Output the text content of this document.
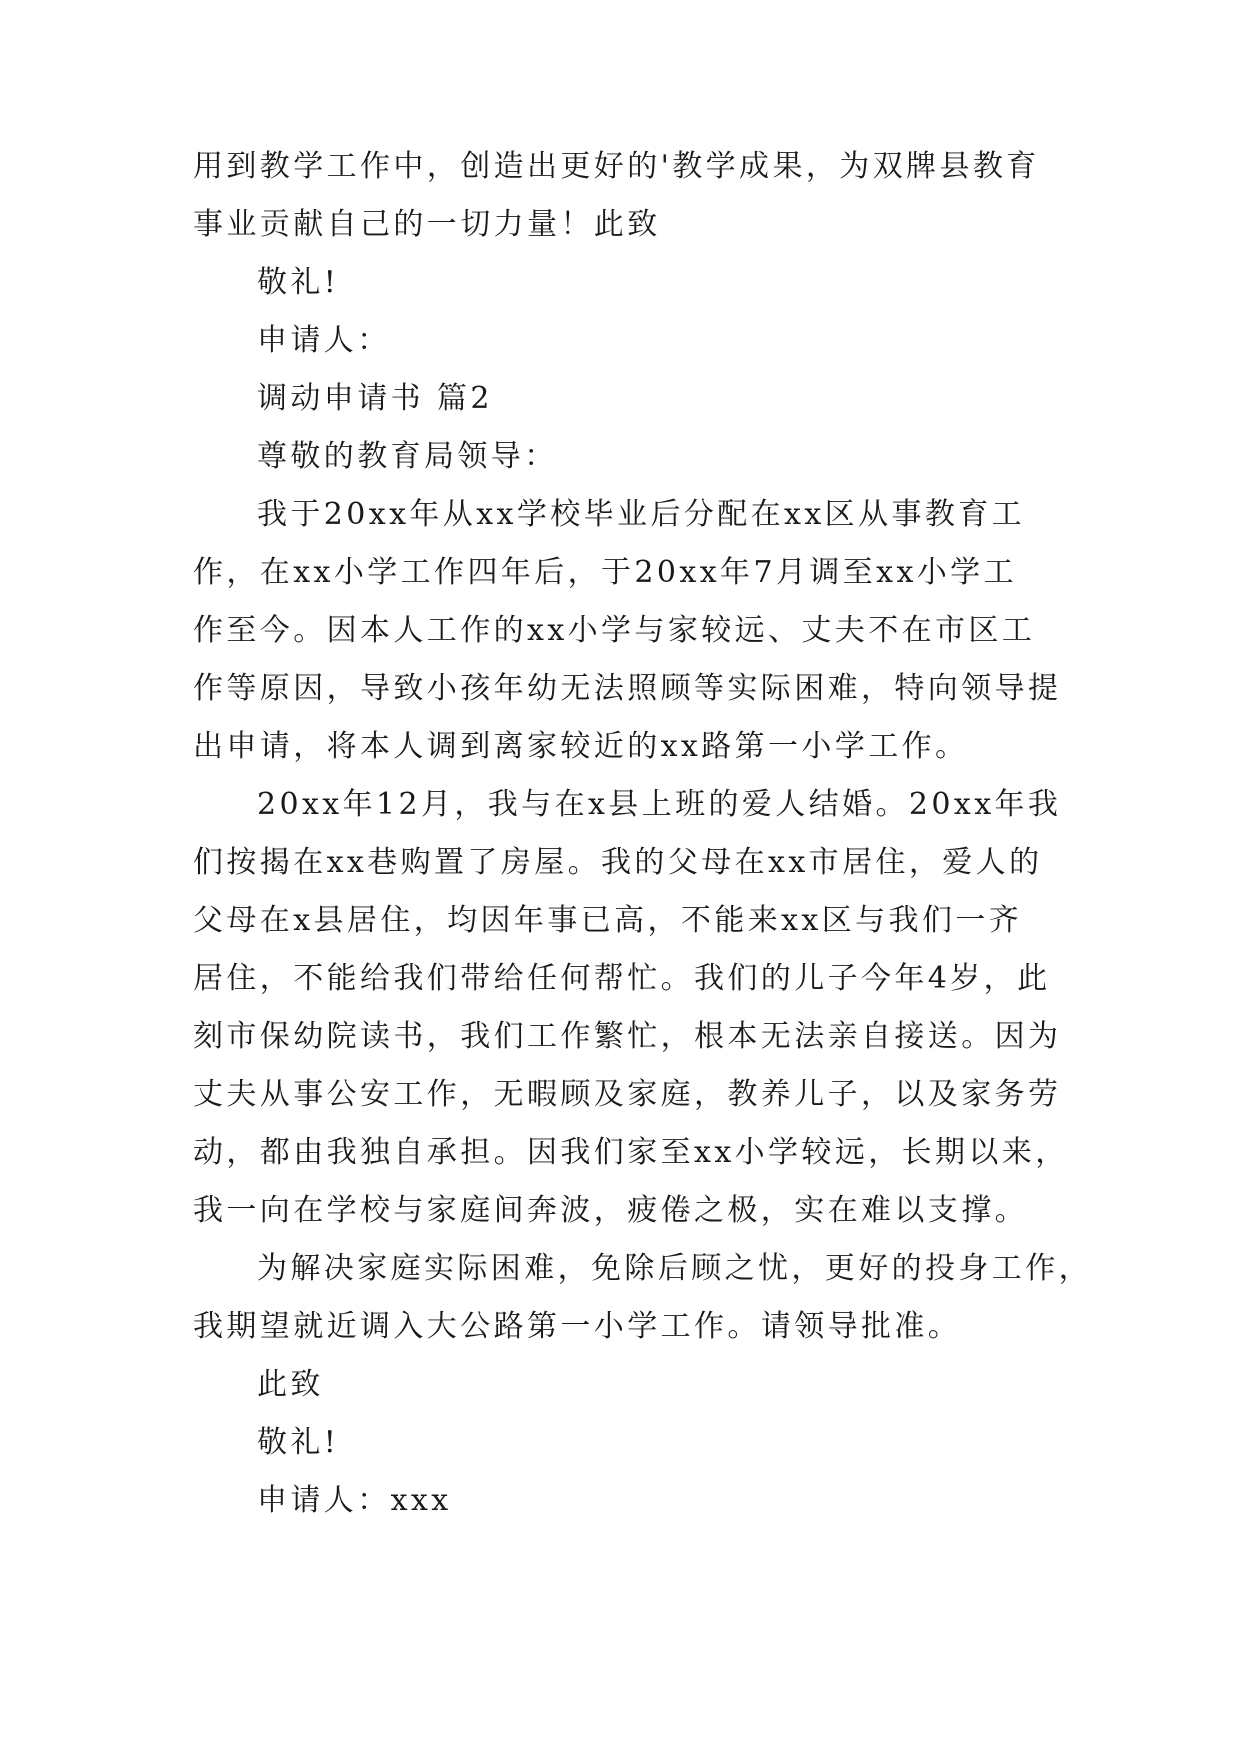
用到教学工作中，创造出更好的'教学成果，为双牌县教育
事业贡献自己的一切力量！此致
敬礼!
申请人：
调动申请书 篇2
尊敬的教育局领导：
我于20xx年从xx学校毕业后分配在xx区从事教育工
作，在xx小学工作四年后，于20xx年7月调至xx小学工
作至今。因本人工作的xx小学与家较远、丈夫不在市区工
作等原因，导致小孩年幼无法照顾等实际困难，特向领导提
出申请，将本人调到离家较近的xx路第一小学工作。
20xx年12月，我与在x县上班的爱人结婚。20xx年我
们按揭在xx巷购置了房屋。我的父母在xx市居住，爱人的
父母在x县居住，均因年事已高，不能来xx区与我们一齐
居住，不能给我们带给任何帮忙。我们的儿子今年4岁，此
刻市保幼院读书，我们工作繁忙，根本无法亲自接送。因为
丈夫从事公安工作，无暇顾及家庭，教养儿子，以及家务劳
动，都由我独自承担。因我们家至xx小学较远，长期以来，
我一向在学校与家庭间奔波，疲倦之极，实在难以支撑。
为解决家庭实际困难，免除后顾之忧，更好的投身工作，
我期望就近调入大公路第一小学工作。请领导批准。
此致
敬礼!
申请人：xxx
